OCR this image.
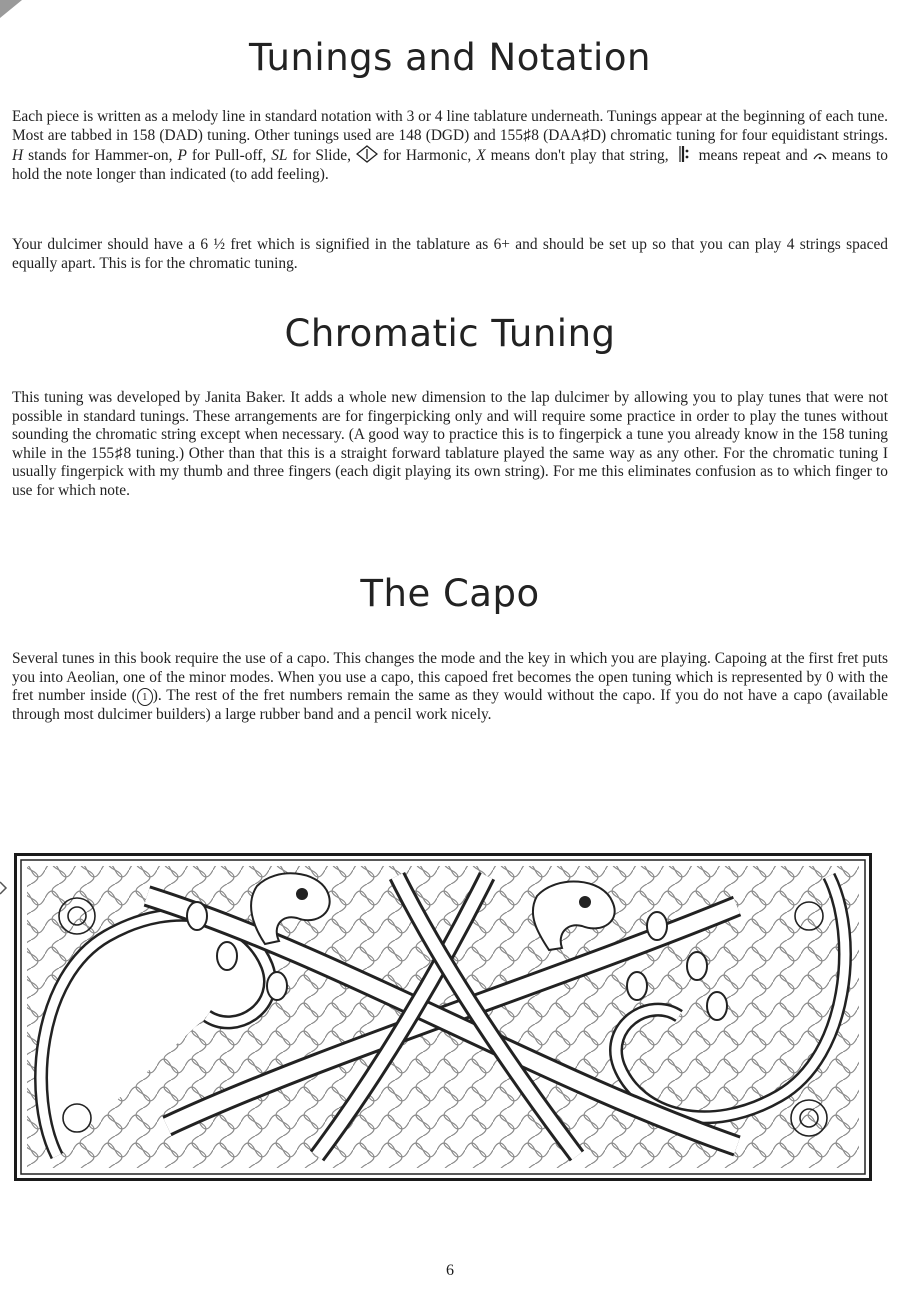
Tunings and Notation

Each piece is written as a melody line in standard notation with 3 or 4 line tablature underneath. Tunings appear at the beginning of each tune. Most are tabbed in 158 (DAD) tuning. Other tunings used are 148 (DGD) and 155♯8 (DAA♯D) chromatic tuning for four equidistant strings. H stands for Hammer-on, P for Pull-off, SL for Slide, for Harmonic, X means don't play that string, means repeat and means to hold the note longer than indicated (to add feeling).

Your dulcimer should have a 6 ½ fret which is signified in the tablature as 6+ and should be set up so that you can play 4 strings spaced equally apart. This is for the chromatic tuning.

Chromatic Tuning

This tuning was developed by Janita Baker. It adds a whole new dimension to the lap dulcimer by allowing you to play tunes that were not possible in standard tunings. These arrangements are for fingerpicking only and will require some practice in order to play the tunes without sounding the chromatic string except when necessary. (A good way to practice this is to fingerpick a tune you already know in the 158 tuning while in the 155♯8 tuning.) Other than that this is a straight forward tablature played the same way as any other. For the chromatic tuning I usually fingerpick with my thumb and three fingers (each digit playing its own string). For me this eliminates confusion as to which finger to use for which note.

The Capo

Several tunes in this book require the use of a capo. This changes the mode and the key in which you are playing. Capoing at the first fret puts you into Aeolian, one of the minor modes. When you use a capo, this capoed fret becomes the open tuning which is represented by 0 with the fret number inside ( 1 ). The rest of the fret numbers remain the same as they would without the capo. If you do not have a capo (available through most dulcimer builders) a large rubber band and a pencil work nicely.

6
